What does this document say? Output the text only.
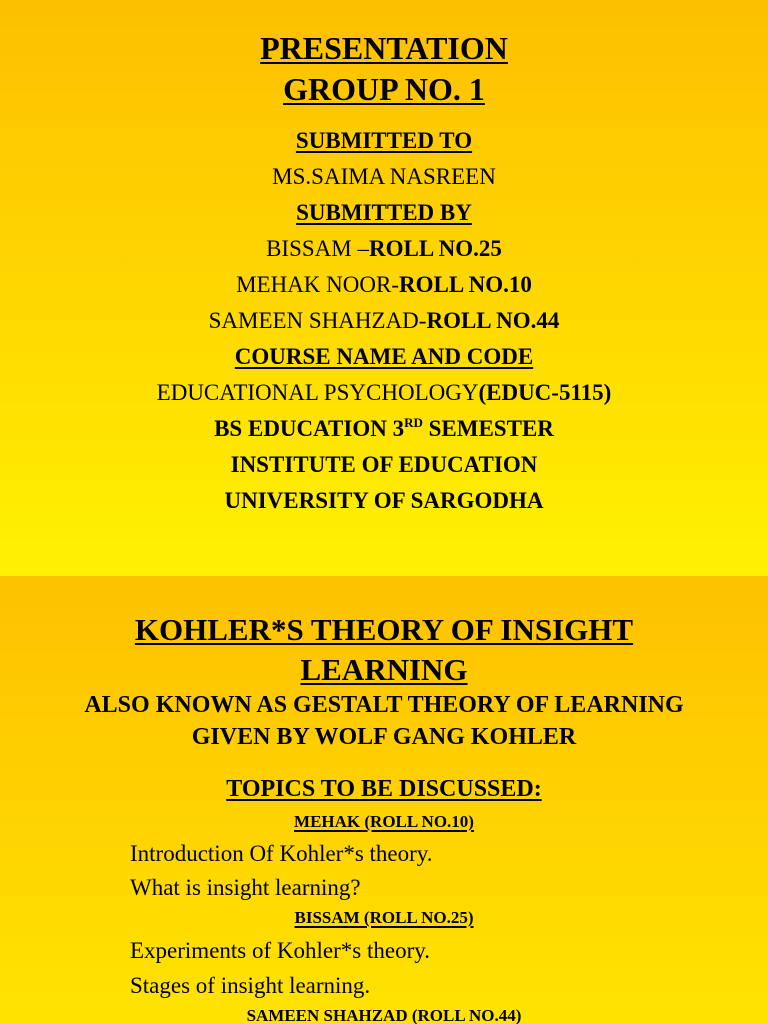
PRESENTATION
GROUP NO. 1
SUBMITTED TO
MS.SAIMA NASREEN
SUBMITTED BY
BISSAM –ROLL NO.25
MEHAK NOOR-ROLL NO.10
SAMEEN SHAHZAD-ROLL NO.44
COURSE NAME AND CODE
EDUCATIONAL PSYCHOLOGY(EDUC-5115)
BS EDUCATION 3RD SEMESTER
INSTITUTE OF EDUCATION
UNIVERSITY OF SARGODHA
KOHLER*S THEORY OF INSIGHT
LEARNING
ALSO KNOWN AS GESTALT THEORY OF LEARNING
GIVEN BY WOLF GANG KOHLER
TOPICS TO BE DISCUSSED:
MEHAK (ROLL NO.10)
Introduction Of Kohler*s theory.
What is insight learning?
BISSAM (ROLL NO.25)
Experiments of Kohler*s theory.
Stages of insight learning.
SAMEEN SHAHZAD (ROLL NO.44)
